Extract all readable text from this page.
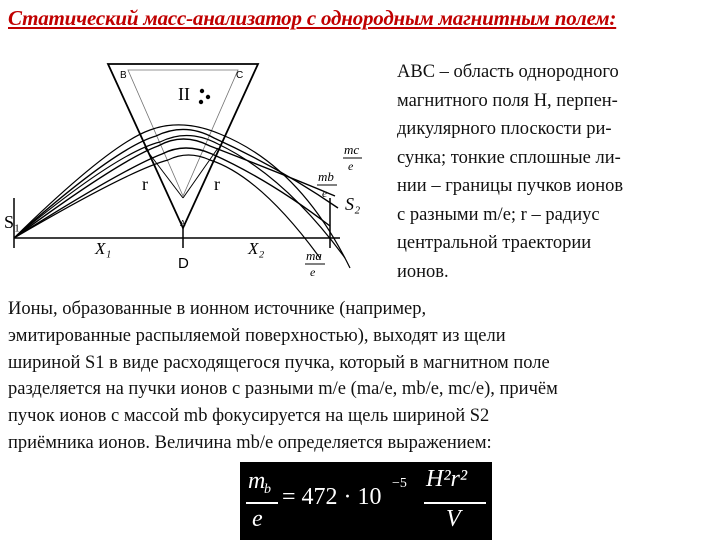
Статический масс-анализатор с однородным магнитным полем:
B	C
II
A
r	r
S₁
S₂
X₁	X₂
D
mc
e
mb
e
ma
e
ABC – область однородного
магнитного поля H, перпен-
дикулярного плоскости ри-
сунка; тонкие сплошные ли-
нии – границы пучков ионов
с разными m/e; r – радиус
центральной траектории
ионов.
Ионы, образованные в ионном источнике (например,
эмитированные распыляемой поверхностью), выходят из щели
шириной S1 в виде расходящегося пучка, который в магнитном поле
разделяется на пучки ионов с разными m/e (ma/e, mb/e, mc/e), причём
пучок ионов с массой mb фокусируется на щель шириной S2
приёмника ионов. Величина mb/e определяется выражением:
m
b
e
= 472 · 10
−5 H²r²
V
